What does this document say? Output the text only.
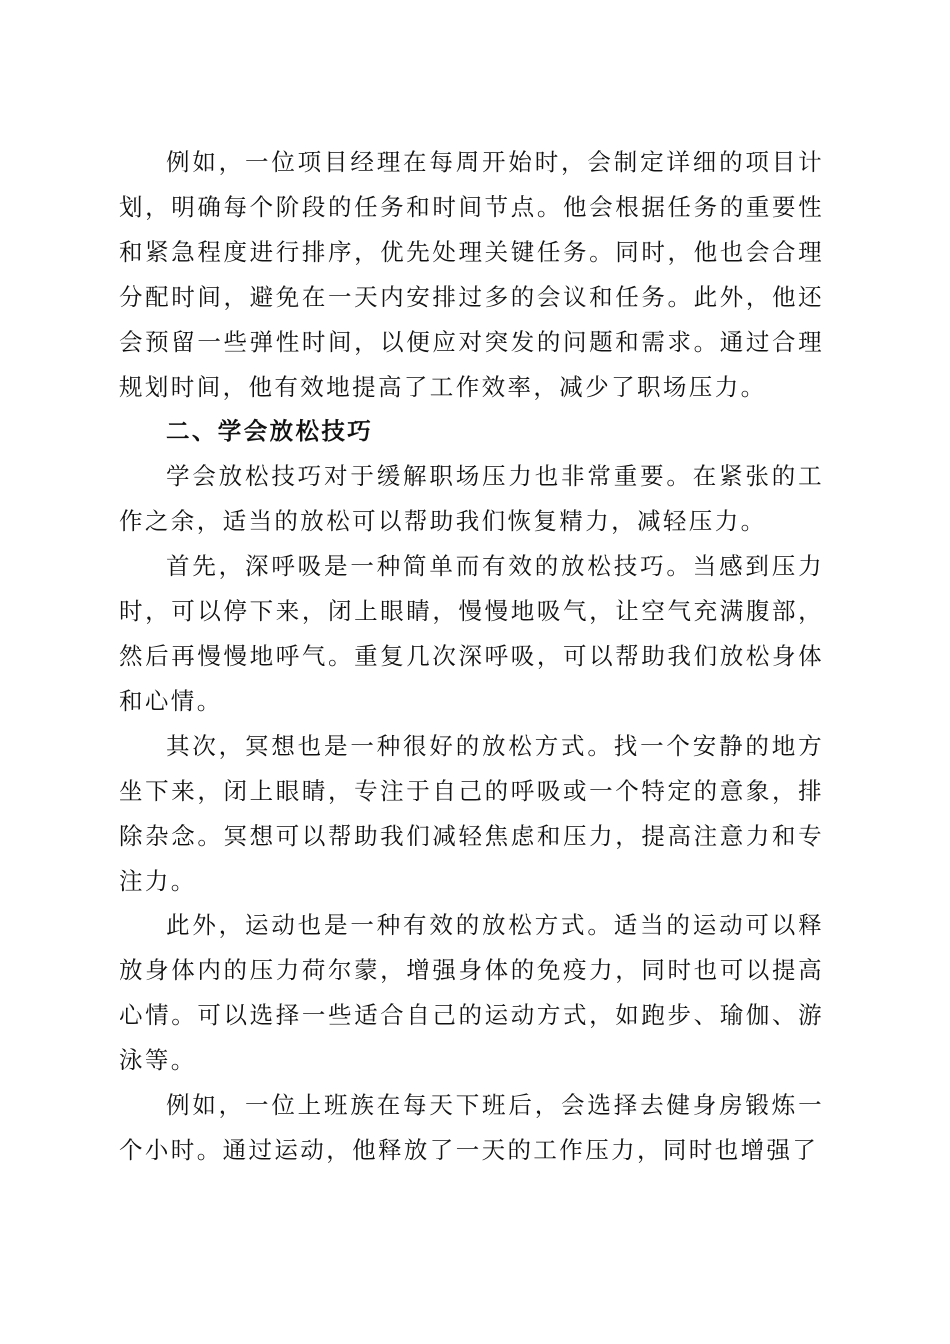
例如，一位项目经理在每周开始时，会制定详细的项目计划，明确每个阶段的任务和时间节点。他会根据任务的重要性和紧急程度进行排序，优先处理关键任务。同时，他也会合理分配时间，避免在一天内安排过多的会议和任务。此外，他还会预留一些弹性时间，以便应对突发的问题和需求。通过合理规划时间，他有效地提高了工作效率，减少了职场压力。

二、学会放松技巧

学会放松技巧对于缓解职场压力也非常重要。在紧张的工作之余，适当的放松可以帮助我们恢复精力，减轻压力。

首先，深呼吸是一种简单而有效的放松技巧。当感到压力时，可以停下来，闭上眼睛，慢慢地吸气，让空气充满腹部，然后再慢慢地呼气。重复几次深呼吸，可以帮助我们放松身体和心情。

其次，冥想也是一种很好的放松方式。找一个安静的地方坐下来，闭上眼睛，专注于自己的呼吸或一个特定的意象，排除杂念。冥想可以帮助我们减轻焦虑和压力，提高注意力和专注力。

此外，运动也是一种有效的放松方式。适当的运动可以释放身体内的压力荷尔蒙，增强身体的免疫力，同时也可以提高心情。可以选择一些适合自己的运动方式，如跑步、瑜伽、游泳等。

例如，一位上班族在每天下班后，会选择去健身房锻炼一个小时。通过运动，他释放了一天的工作压力，同时也增强了
